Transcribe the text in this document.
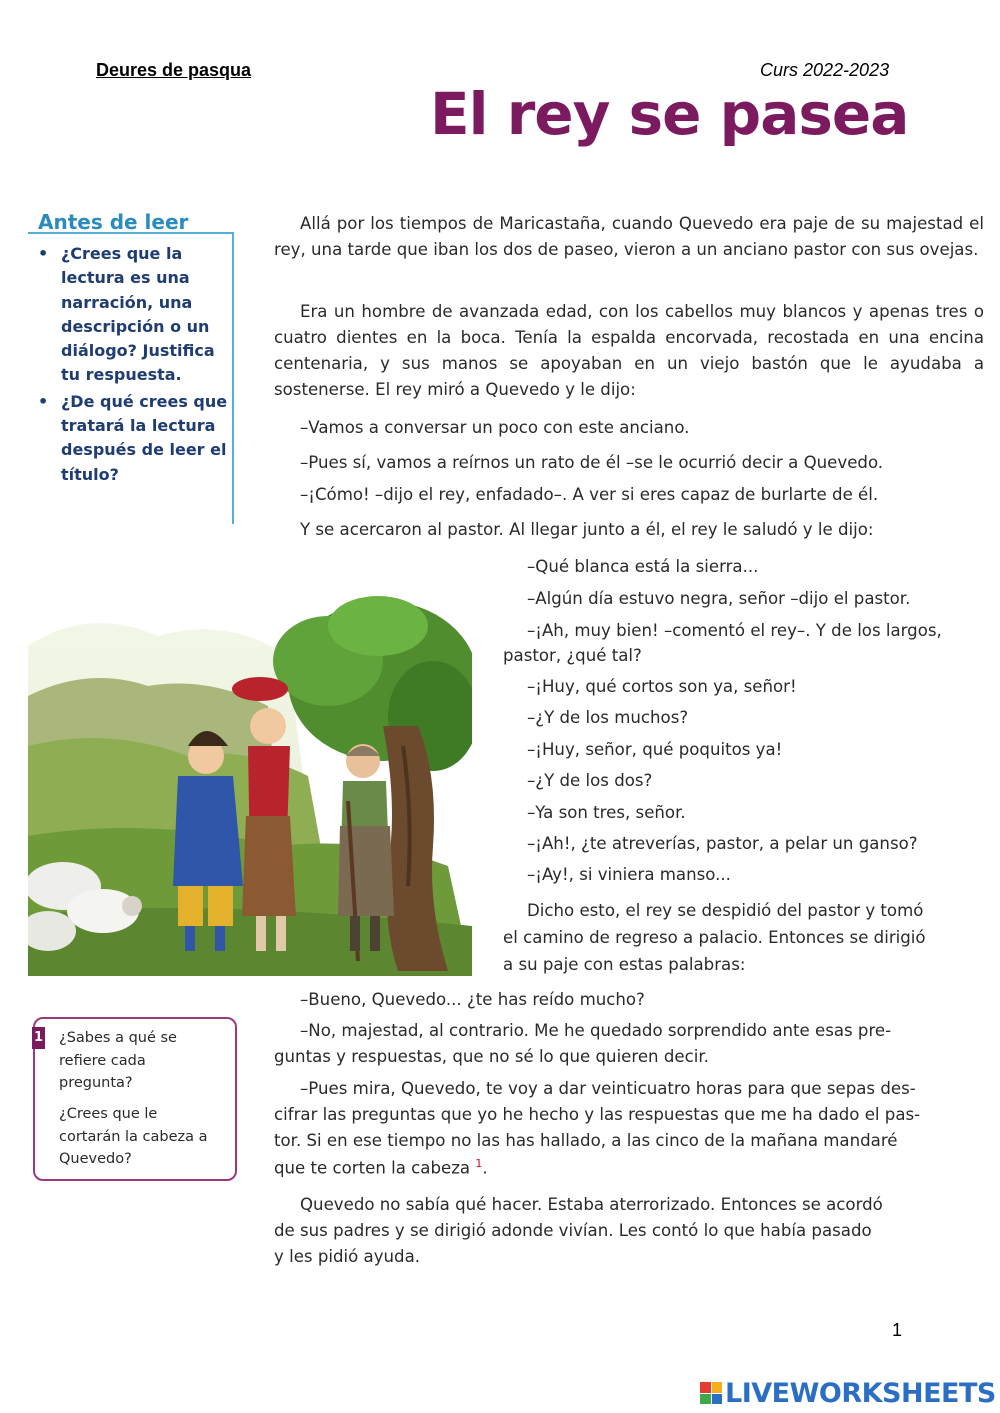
Deures de pasqua	Curs 2022-2023
El rey se pasea
Antes de leer
• ¿Crees que la lectura es una narración, una descripción o un diálogo? Justifica tu respuesta.
• ¿De qué crees que tratará la lectura después de leer el título?
Allá por los tiempos de Maricastaña, cuando Quevedo era paje de su majestad el rey, una tarde que iban los dos de paseo, vieron a un anciano pastor con sus ovejas.
Era un hombre de avanzada edad, con los cabellos muy blancos y apenas tres o cuatro dientes en la boca. Tenía la espalda encorvada, recostada en una encina centenaria, y sus manos se apoyaban en un viejo bastón que le ayudaba a sostenerse. El rey miró a Quevedo y le dijo:
–Vamos a conversar un poco con este anciano.
–Pues sí, vamos a reírnos un rato de él –se le ocurrió decir a Quevedo.
–¡Cómo! –dijo el rey, enfadado–. A ver si eres capaz de burlarte de él.
Y se acercaron al pastor. Al llegar junto a él, el rey le saludó y le dijo:
–Qué blanca está la sierra...
–Algún día estuvo negra, señor –dijo el pastor.
–¡Ah, muy bien! –comentó el rey–. Y de los largos,
pastor, ¿qué tal?
–¡Huy, qué cortos son ya, señor!
–¿Y de los muchos?
–¡Huy, señor, qué poquitos ya!
–¿Y de los dos?
–Ya son tres, señor.
–¡Ah!, ¿te atreverías, pastor, a pelar un ganso?
–¡Ay!, si viniera manso...
Dicho esto, el rey se despidió del pastor y tomó
el camino de regreso a palacio. Entonces se dirigió
a su paje con estas palabras:
–Bueno, Quevedo... ¿te has reído mucho?
–No, majestad, al contrario. Me he quedado sorprendido ante esas pre-
guntas y respuestas, que no sé lo que quieren decir.
–Pues mira, Quevedo, te voy a dar veinticuatro horas para que sepas des-
cifrar las preguntas que yo he hecho y las respuestas que me ha dado el pas-
tor. Si en ese tiempo no las has hallado, a las cinco de la mañana mandaré
que te corten la cabeza $^1$.
Quevedo no sabía qué hacer. Estaba aterrorizado. Entonces se acordó
de sus padres y se dirigió adonde vivían. Les contó lo que había pasado
y les pidió ayuda.
1 ¿Sabes a qué se refiere cada pregunta?
¿Crees que le cortarán la cabeza a Quevedo?
1
LIVEWORKSHEETS
